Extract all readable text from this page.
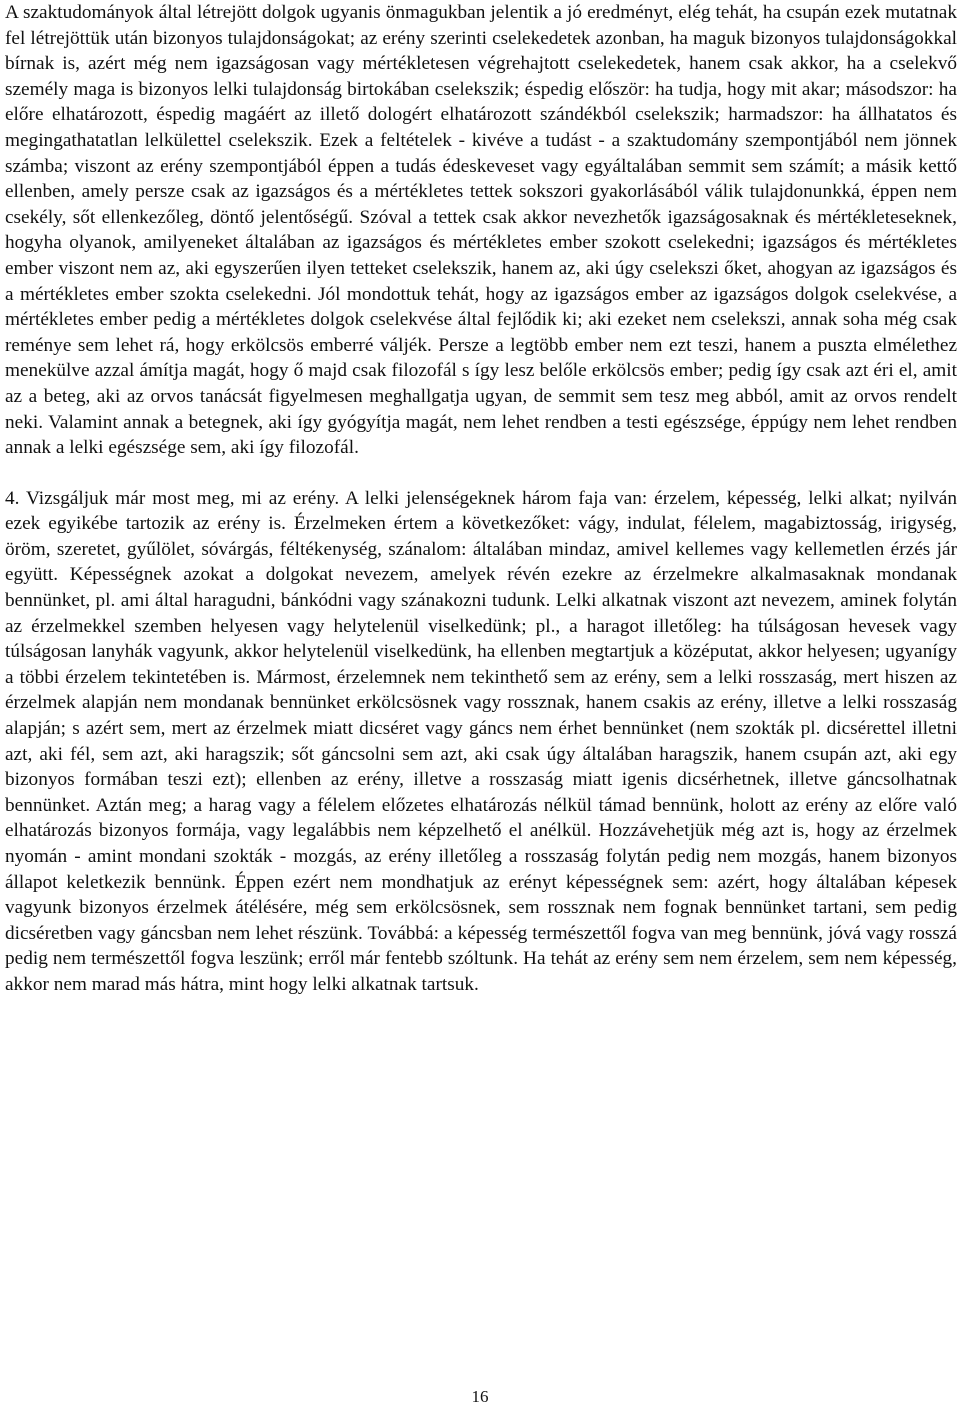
A szaktudományok által létrejött dolgok ugyanis önmagukban jelentik a jó eredményt, elég tehát, ha csupán ezek mutatnak fel létrejöttük után bizonyos tulajdonságokat; az erény szerinti cselekedetek azonban, ha maguk bizonyos tulajdonságokkal bírnak is, azért még nem igazságosan vagy mértékletesen végrehajtott cselekedetek, hanem csak akkor, ha a cselekvő személy maga is bizonyos lelki tulajdonság birtokában cselekszik; éspedig először: ha tudja, hogy mit akar; másodszor: ha előre elhatározott, éspedig magáért az illető dologért elhatározott szándékból cselekszik; harmadszor: ha állhatatos és megingathatatlan lelkülettel cselekszik. Ezek a feltételek - kivéve a tudást - a szaktudomány szempontjából nem jönnek számba; viszont az erény szempontjából éppen a tudás édeskeveset vagy egyáltalában semmit sem számít; a másik kettő ellenben, amely persze csak az igazságos és a mértékletes tettek sokszori gyakorlásából válik tulajdonunkká, éppen nem csekély, sőt ellenkezőleg, döntő jelentőségű. Szóval a tettek csak akkor nevezhetők igazságosaknak és mértékleteseknek, hogyha olyanok, amilyeneket általában az igazságos és mértékletes ember szokott cselekedni; igazságos és mértékletes ember viszont nem az, aki egyszerűen ilyen tetteket cselekszik, hanem az, aki úgy cselekszi őket, ahogyan az igazságos és a mértékletes ember szokta cselekedni. Jól mondottuk tehát, hogy az igazságos ember az igazságos dolgok cselekvése, a mértékletes ember pedig a mértékletes dolgok cselekvése által fejlődik ki; aki ezeket nem cselekszi, annak soha még csak reménye sem lehet rá, hogy erkölcsös emberré váljék. Persze a legtöbb ember nem ezt teszi, hanem a puszta elmélethez menekülve azzal ámítja magát, hogy ő majd csak filozofál s így lesz belőle erkölcsös ember; pedig így csak azt éri el, amit az a beteg, aki az orvos tanácsát figyelmesen meghallgatja ugyan, de semmit sem tesz meg abból, amit az orvos rendelt neki. Valamint annak a betegnek, aki így gyógyítja magát, nem lehet rendben a testi egészsége, éppúgy nem lehet rendben annak a lelki egészsége sem, aki így filozofál.

4. Vizsgáljuk már most meg, mi az erény. A lelki jelenségeknek három faja van: érzelem, képesség, lelki alkat; nyilván ezek egyikébe tartozik az erény is. Érzelmeken értem a következőket: vágy, indulat, félelem, magabiztosság, irigység, öröm, szeretet, gyűlölet, sóvárgás, féltékenység, szánalom: általában mindaz, amivel kellemes vagy kellemetlen érzés jár együtt. Képességnek azokat a dolgokat nevezem, amelyek révén ezekre az érzelmekre alkalmasaknak mondanak bennünket, pl. ami által haragudni, bánkódni vagy szánakozni tudunk. Lelki alkatnak viszont azt nevezem, aminek folytán az érzelmekkel szemben helyesen vagy helytelenül viselkedünk; pl., a haragot illetőleg: ha túlságosan hevesek vagy túlságosan lanyhák vagyunk, akkor helytelenül viselkedünk, ha ellenben megtartjuk a középutat, akkor helyesen; ugyanígy a többi érzelem tekintetében is. Mármost, érzelemnek nem tekinthető sem az erény, sem a lelki rosszaság, mert hiszen az érzelmek alapján nem mondanak bennünket erkölcsösnek vagy rossznak, hanem csakis az erény, illetve a lelki rosszaság alapján; s azért sem, mert az érzelmek miatt dicséret vagy gáncs nem érhet bennünket (nem szokták pl. dicsérettel illetni azt, aki fél, sem azt, aki haragszik; sőt gáncsolni sem azt, aki csak úgy általában haragszik, hanem csupán azt, aki egy bizonyos formában teszi ezt); ellenben az erény, illetve a rosszaság miatt igenis dicsérhetnek, illetve gáncsolhatnak bennünket. Aztán meg; a harag vagy a félelem előzetes elhatározás nélkül támad bennünk, holott az erény az előre való elhatározás bizonyos formája, vagy legalábbis nem képzelhető el anélkül. Hozzávehetjük még azt is, hogy az érzelmek nyomán - amint mondani szokták - mozgás, az erény illetőleg a rosszaság folytán pedig nem mozgás, hanem bizonyos állapot keletkezik bennünk. Éppen ezért nem mondhatjuk az erényt képességnek sem: azért, hogy általában képesek vagyunk bizonyos érzelmek átélésére, még sem erkölcsösnek, sem rossznak nem fognak bennünket tartani, sem pedig dicséretben vagy gáncsban nem lehet részünk. Továbbá: a képesség természettől fogva van meg bennünk, jóvá vagy rosszá pedig nem természettől fogva leszünk; erről már fentebb szóltunk. Ha tehát az erény sem nem érzelem, sem nem képesség, akkor nem marad más hátra, mint hogy lelki alkatnak tartsuk.

16
